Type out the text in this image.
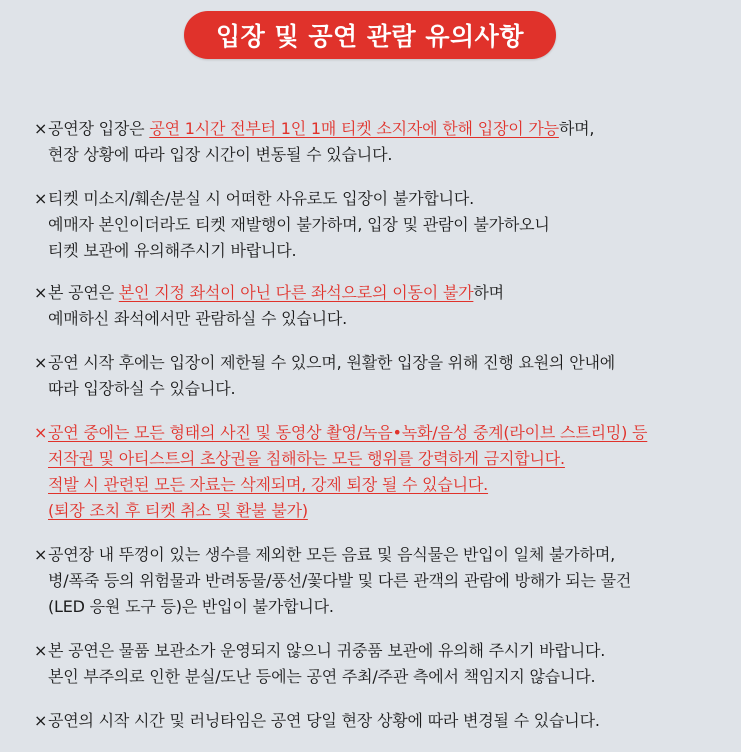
입장 및 공연 관람 유의사항
× 공연장 입장은 공연 1시간 전부터 1인 1매 티켓 소지자에 한해 입장이 가능하며,
현장 상황에 따라 입장 시간이 변동될 수 있습니다.
× 티켓 미소지/훼손/분실 시 어떠한 사유로도 입장이 불가합니다.
예매자 본인이더라도 티켓 재발행이 불가하며, 입장 및 관람이 불가하오니
티켓 보관에 유의해주시기 바랍니다.
× 본 공연은 본인 지정 좌석이 아닌 다른 좌석으로의 이동이 불가하며
예매하신 좌석에서만 관람하실 수 있습니다.
× 공연 시작 후에는 입장이 제한될 수 있으며, 원활한 입장을 위해 진행 요원의 안내에
따라 입장하실 수 있습니다.
× 공연 중에는 모든 형태의 사진 및 동영상 촬영/녹음•녹화/음성 중계(라이브 스트리밍) 등
저작권 및 아티스트의 초상권을 침해하는 모든 행위를 강력하게 금지합니다.
적발 시 관련된 모든 자료는 삭제되며, 강제 퇴장 될 수 있습니다.
(퇴장 조치 후 티켓 취소 및 환불 불가)
× 공연장 내 뚜껑이 있는 생수를 제외한 모든 음료 및 음식물은 반입이 일체 불가하며,
병/폭죽 등의 위험물과 반려동물/풍선/꽃다발 및 다른 관객의 관람에 방해가 되는 물건
(LED 응원 도구 등)은 반입이 불가합니다.
× 본 공연은 물품 보관소가 운영되지 않으니 귀중품 보관에 유의해 주시기 바랍니다.
본인 부주의로 인한 분실/도난 등에는 공연 주최/주관 측에서 책임지지 않습니다.
× 공연의 시작 시간 및 러닝타임은 공연 당일 현장 상황에 따라 변경될 수 있습니다.
